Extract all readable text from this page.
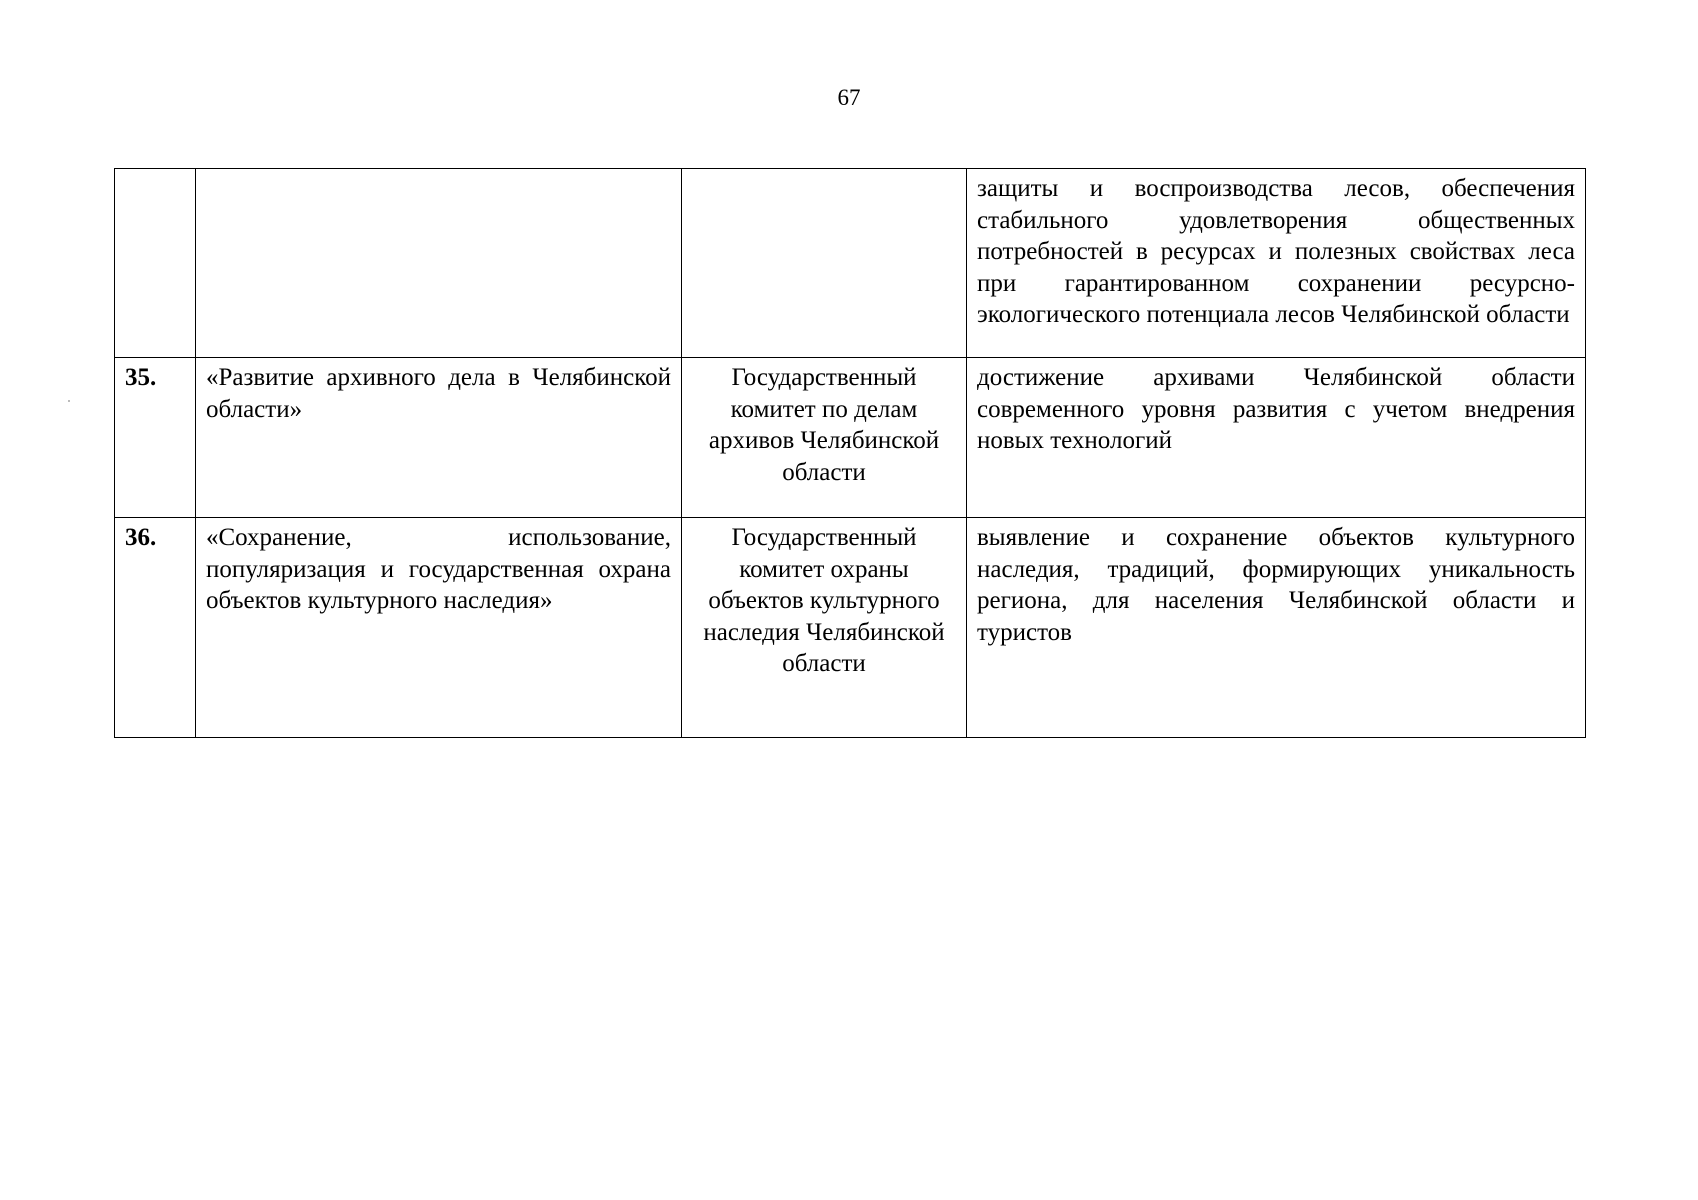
67
			защиты и воспроизводства лесов, обеспечения стабильного удовлетворения общественных потребностей в ресурсах и полезных свойствах леса при гарантированном сохранении ресурсно-экологического потенциала лесов Челябинской области
35.	«Развитие архивного дела в Челябинской области»	Государственный комитет по делам архивов Челябинской области	достижение архивами Челябинской области современного уровня развития с учетом внедрения новых технологий
36.	«Сохранение, использование, популяризация и государственная охрана объектов культурного наследия»	Государственный комитет охраны объектов культурного наследия Челябинской области	выявление и сохранение объектов культурного наследия, традиций, формирующих уникальность региона, для населения Челябинской области и туристов
